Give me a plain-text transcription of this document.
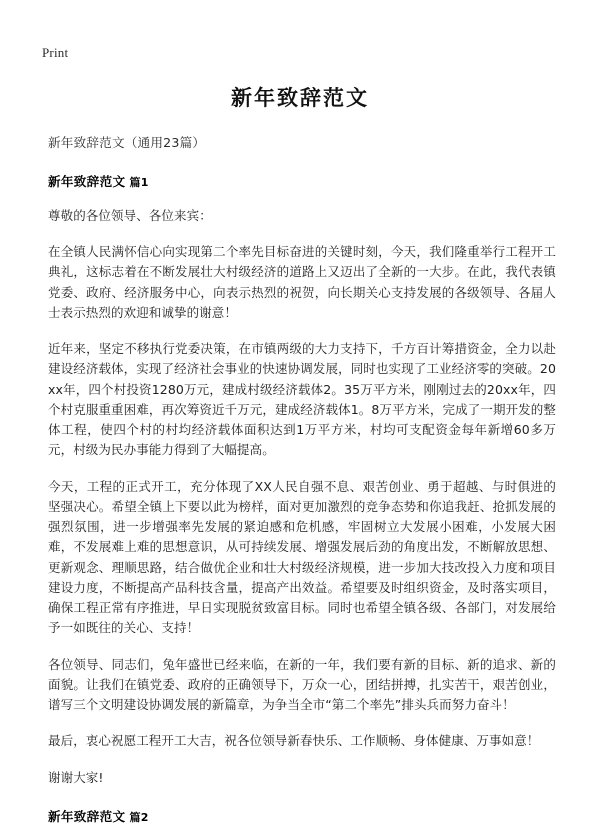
Print
新年致辞范文
新年致辞范文（通用23篇）
新年致辞范文 篇1

尊敬的各位领导、各位来宾：

在全镇人民满怀信心向实现第二个率先目标奋进的关键时刻，今天，我们隆重举行工程开工典礼，这标志着在不断发展壮大村级经济的道路上又迈出了全新的一大步。在此，我代表镇党委、政府、经济服务中心，向表示热烈的祝贺，向长期关心支持发展的各级领导、各届人士表示热烈的欢迎和诚挚的谢意！

近年来，坚定不移执行党委决策，在市镇两级的大力支持下，千方百计筹措资金，全力以赴建设经济载体，实现了经济社会事业的快速协调发展，同时也实现了工业经济零的突破。20xx年，四个村投资1280万元，建成村级经济载体2。35万平方米，刚刚过去的20xx年，四个村克服重重困难，再次筹资近千万元，建成经济载体1。8万平方米，完成了一期开发的整体工程，使四个村的村均经济载体面积达到1万平方米，村均可支配资金每年新增60多万元，村级为民办事能力得到了大幅提高。

今天，工程的正式开工，充分体现了XX人民自强不息、艰苦创业、勇于超越、与时俱进的坚强决心。希望全镇上下要以此为榜样，面对更加激烈的竞争态势和你追我赶、抢抓发展的强烈氛围，进一步增强率先发展的紧迫感和危机感，牢固树立大发展小困难，小发展大困难，不发展难上难的思想意识，从可持续发展、增强发展后劲的角度出发，不断解放思想、更新观念、理顺思路，结合做优企业和壮大村级经济规模，进一步加大技改投入力度和项目建设力度，不断提高产品科技含量，提高产出效益。希望要及时组织资金，及时落实项目，确保工程正常有序推进，早日实现脱贫致富目标。同时也希望全镇各级、各部门，对发展给予一如既往的关心、支持！

各位领导、同志们，兔年盛世已经来临，在新的一年，我们要有新的目标、新的追求、新的面貌。让我们在镇党委、政府的正确领导下，万众一心，团结拼搏，扎实苦干，艰苦创业，谱写三个文明建设协调发展的新篇章，为争当全市“第二个率先”排头兵而努力奋斗！

最后，衷心祝愿工程开工大吉，祝各位领导新春快乐、工作顺畅、身体健康、万事如意！

谢谢大家!

新年致辞范文 篇2
